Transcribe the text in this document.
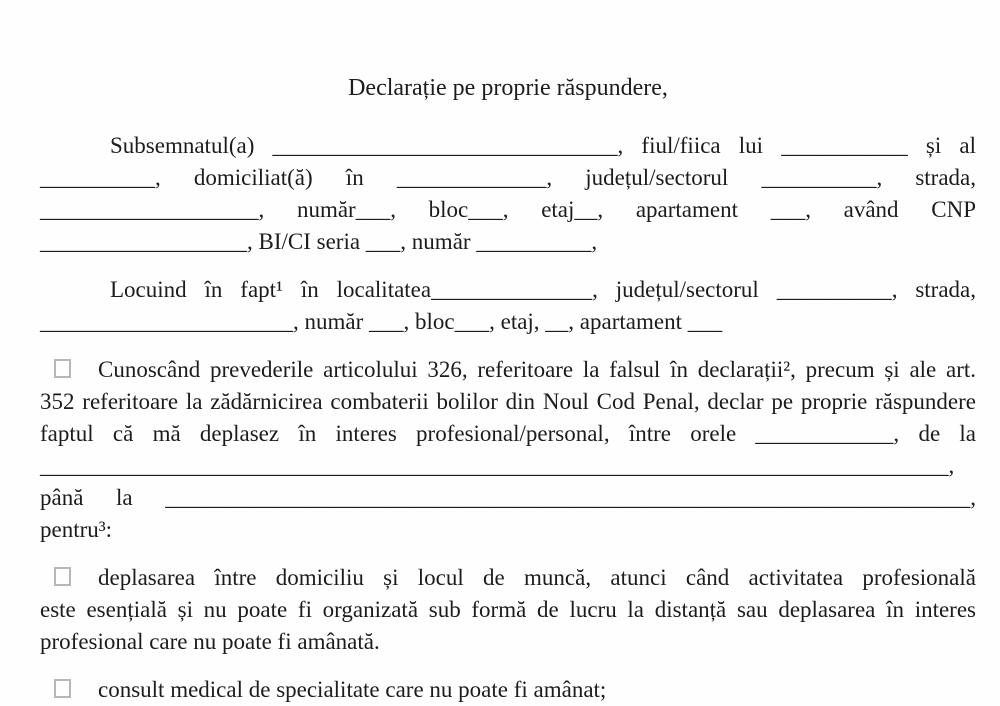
Declarație pe proprie răspundere,
Subsemnatul(a) ______________________________, fiul/fiica lui ___________ și al
__________, domiciliat(ă) în _____________, județul/sectorul __________, strada,
___________________, număr___, bloc___, etaj__, apartament ___, având CNP
__________________, BI/CI seria ___, număr __________,
Locuind în fapt¹ în localitatea______________, județul/sectorul __________, strada,
______________________, număr ___, bloc___, etaj, __, apartament ___
Cunoscând prevederile articolului 326, referitoare la falsul în declarații², precum și ale art.
352 referitoare la zădărnicirea combaterii bolilor din Noul Cod Penal, declar pe proprie răspundere
faptul că mă deplasez în interes profesional/personal, între orele ____________, de la
_______________________________________________________________________________,
până la ______________________________________________________________________,
pentru³:
deplasarea între domiciliu și locul de muncă, atunci când activitatea profesională
este esențială și nu poate fi organizată sub formă de lucru la distanță sau deplasarea în interes
profesional care nu poate fi amânată.
consult medical de specialitate care nu poate fi amânat;
